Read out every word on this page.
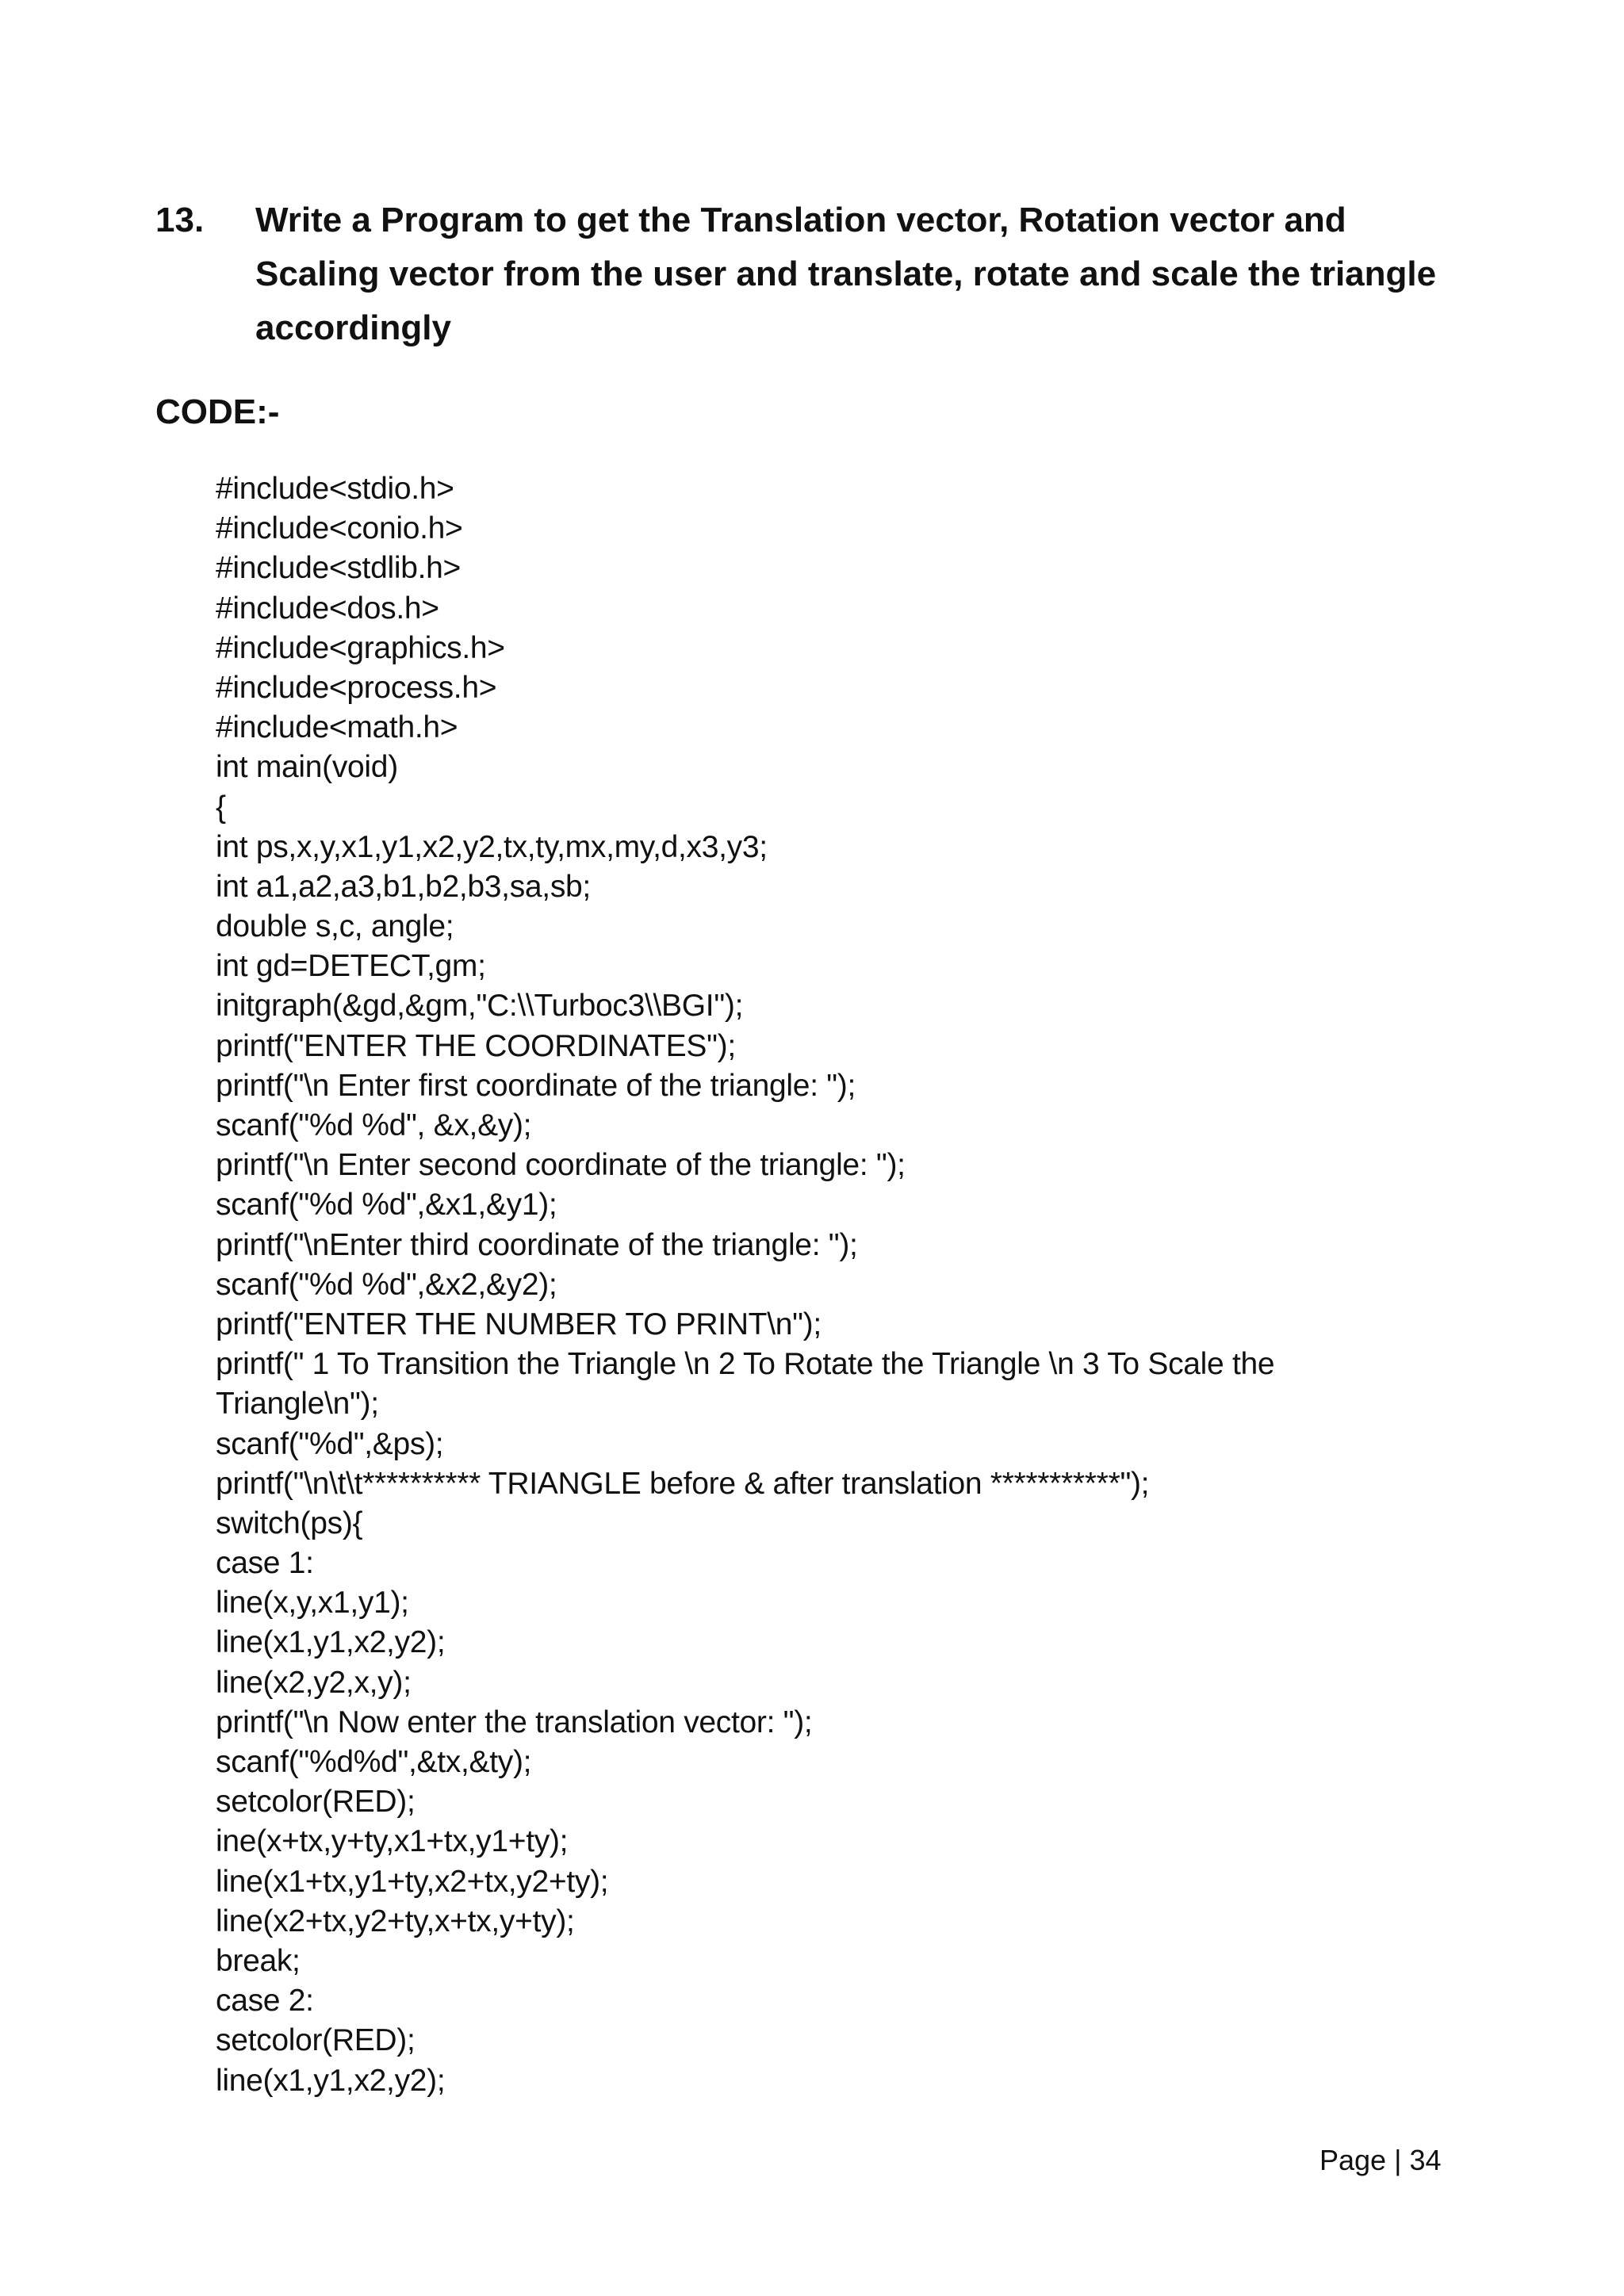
13. Write a Program to get the Translation vector, Rotation vector and Scaling vector from the user and translate, rotate and scale the triangle accordingly
CODE:-
#include<stdio.h>
#include<conio.h>
#include<stdlib.h>
#include<dos.h>
#include<graphics.h>
#include<process.h>
#include<math.h>
int main(void)
{
int ps,x,y,x1,y1,x2,y2,tx,ty,mx,my,d,x3,y3;
int a1,a2,a3,b1,b2,b3,sa,sb;
double s,c, angle;
int gd=DETECT,gm;
initgraph(&gd,&gm,"C:\\Turboc3\\BGI");
printf("ENTER THE COORDINATES");
printf("\n Enter first coordinate of the triangle: ");
scanf("%d %d", &x,&y);
printf("\n Enter second coordinate of the triangle: ");
scanf("%d %d",&x1,&y1);
printf("\nEnter third coordinate of the triangle: ");
scanf("%d %d",&x2,&y2);
printf("ENTER THE NUMBER TO PRINT\n");
printf(" 1 To Transition the Triangle \n 2 To Rotate the Triangle \n 3 To Scale the
Triangle\n");
scanf("%d",&ps);
printf("\n\t\t********** TRIANGLE before & after translation ***********");
switch(ps){
case 1:
line(x,y,x1,y1);
line(x1,y1,x2,y2);
line(x2,y2,x,y);
printf("\n Now enter the translation vector: ");
scanf("%d%d",&tx,&ty);
setcolor(RED);
ine(x+tx,y+ty,x1+tx,y1+ty);
line(x1+tx,y1+ty,x2+tx,y2+ty);
line(x2+tx,y2+ty,x+tx,y+ty);
break;
case 2:
setcolor(RED);
line(x1,y1,x2,y2);
Page | 34
